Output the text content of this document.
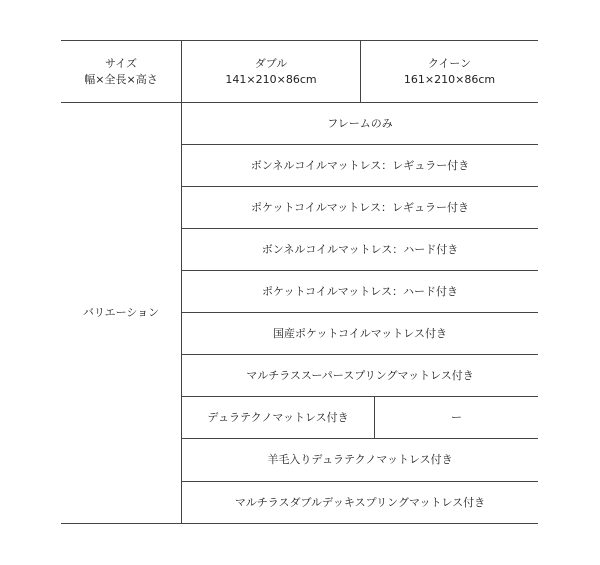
サイズ
幅×全長×高さ
ダブル
141×210×86cm
クイーン
161×210×86cm
バリエーション
フレームのみ
ボンネルコイルマットレス：レギュラー付き
ポケットコイルマットレス：レギュラー付き
ボンネルコイルマットレス：ハード付き
ポケットコイルマットレス：ハード付き
国産ポケットコイルマットレス付き
マルチラススーパースプリングマットレス付き
デュラテクノマットレス付き	ー
羊毛入りデュラテクノマットレス付き
マルチラスダブルデッキスプリングマットレス付き
